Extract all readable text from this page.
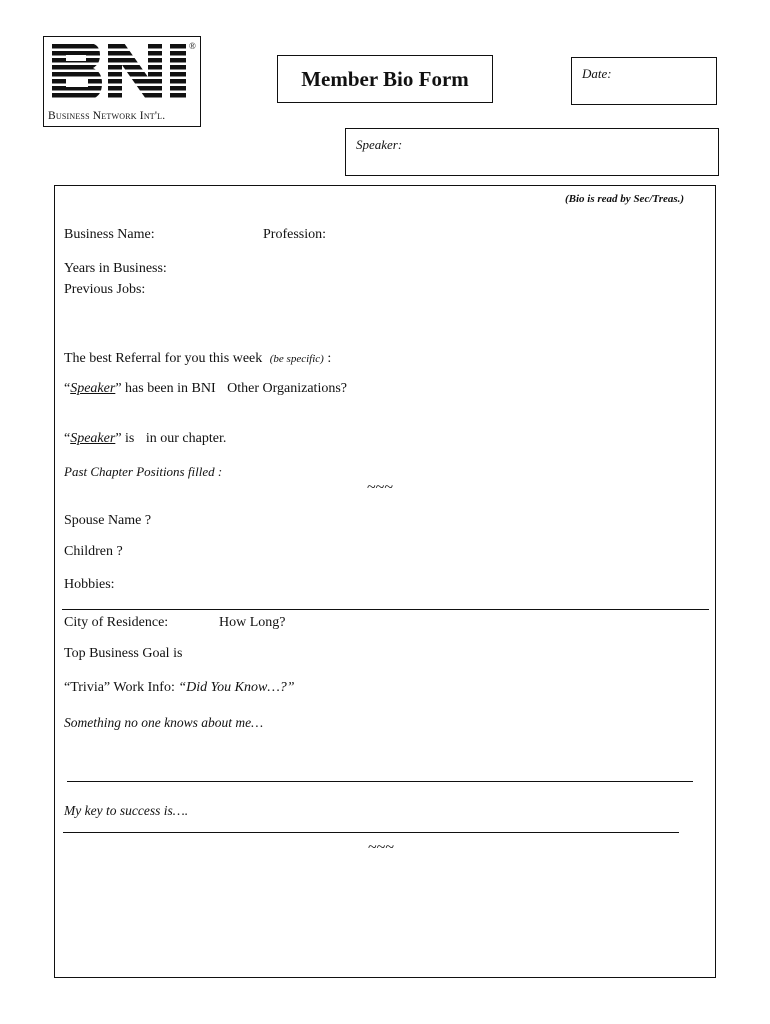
®
Business Network Int'l.
Member Bio Form	Date:
Speaker:
(Bio is read by Sec/Treas.)
Business Name:	Profession:
Years in Business:
Previous Jobs:
The best Referral for you this week (be specific) :
“Speaker” has been in BNI Other Organizations?
“Speaker” is in our chapter.
Past Chapter Positions filled :
~~~
Spouse Name ?
Children ?
Hobbies:
City of Residence:	How Long?
Top Business Goal is
“Trivia” Work Info: “Did You Know…?”
Something no one knows about me…
My key to success is….
~~~
